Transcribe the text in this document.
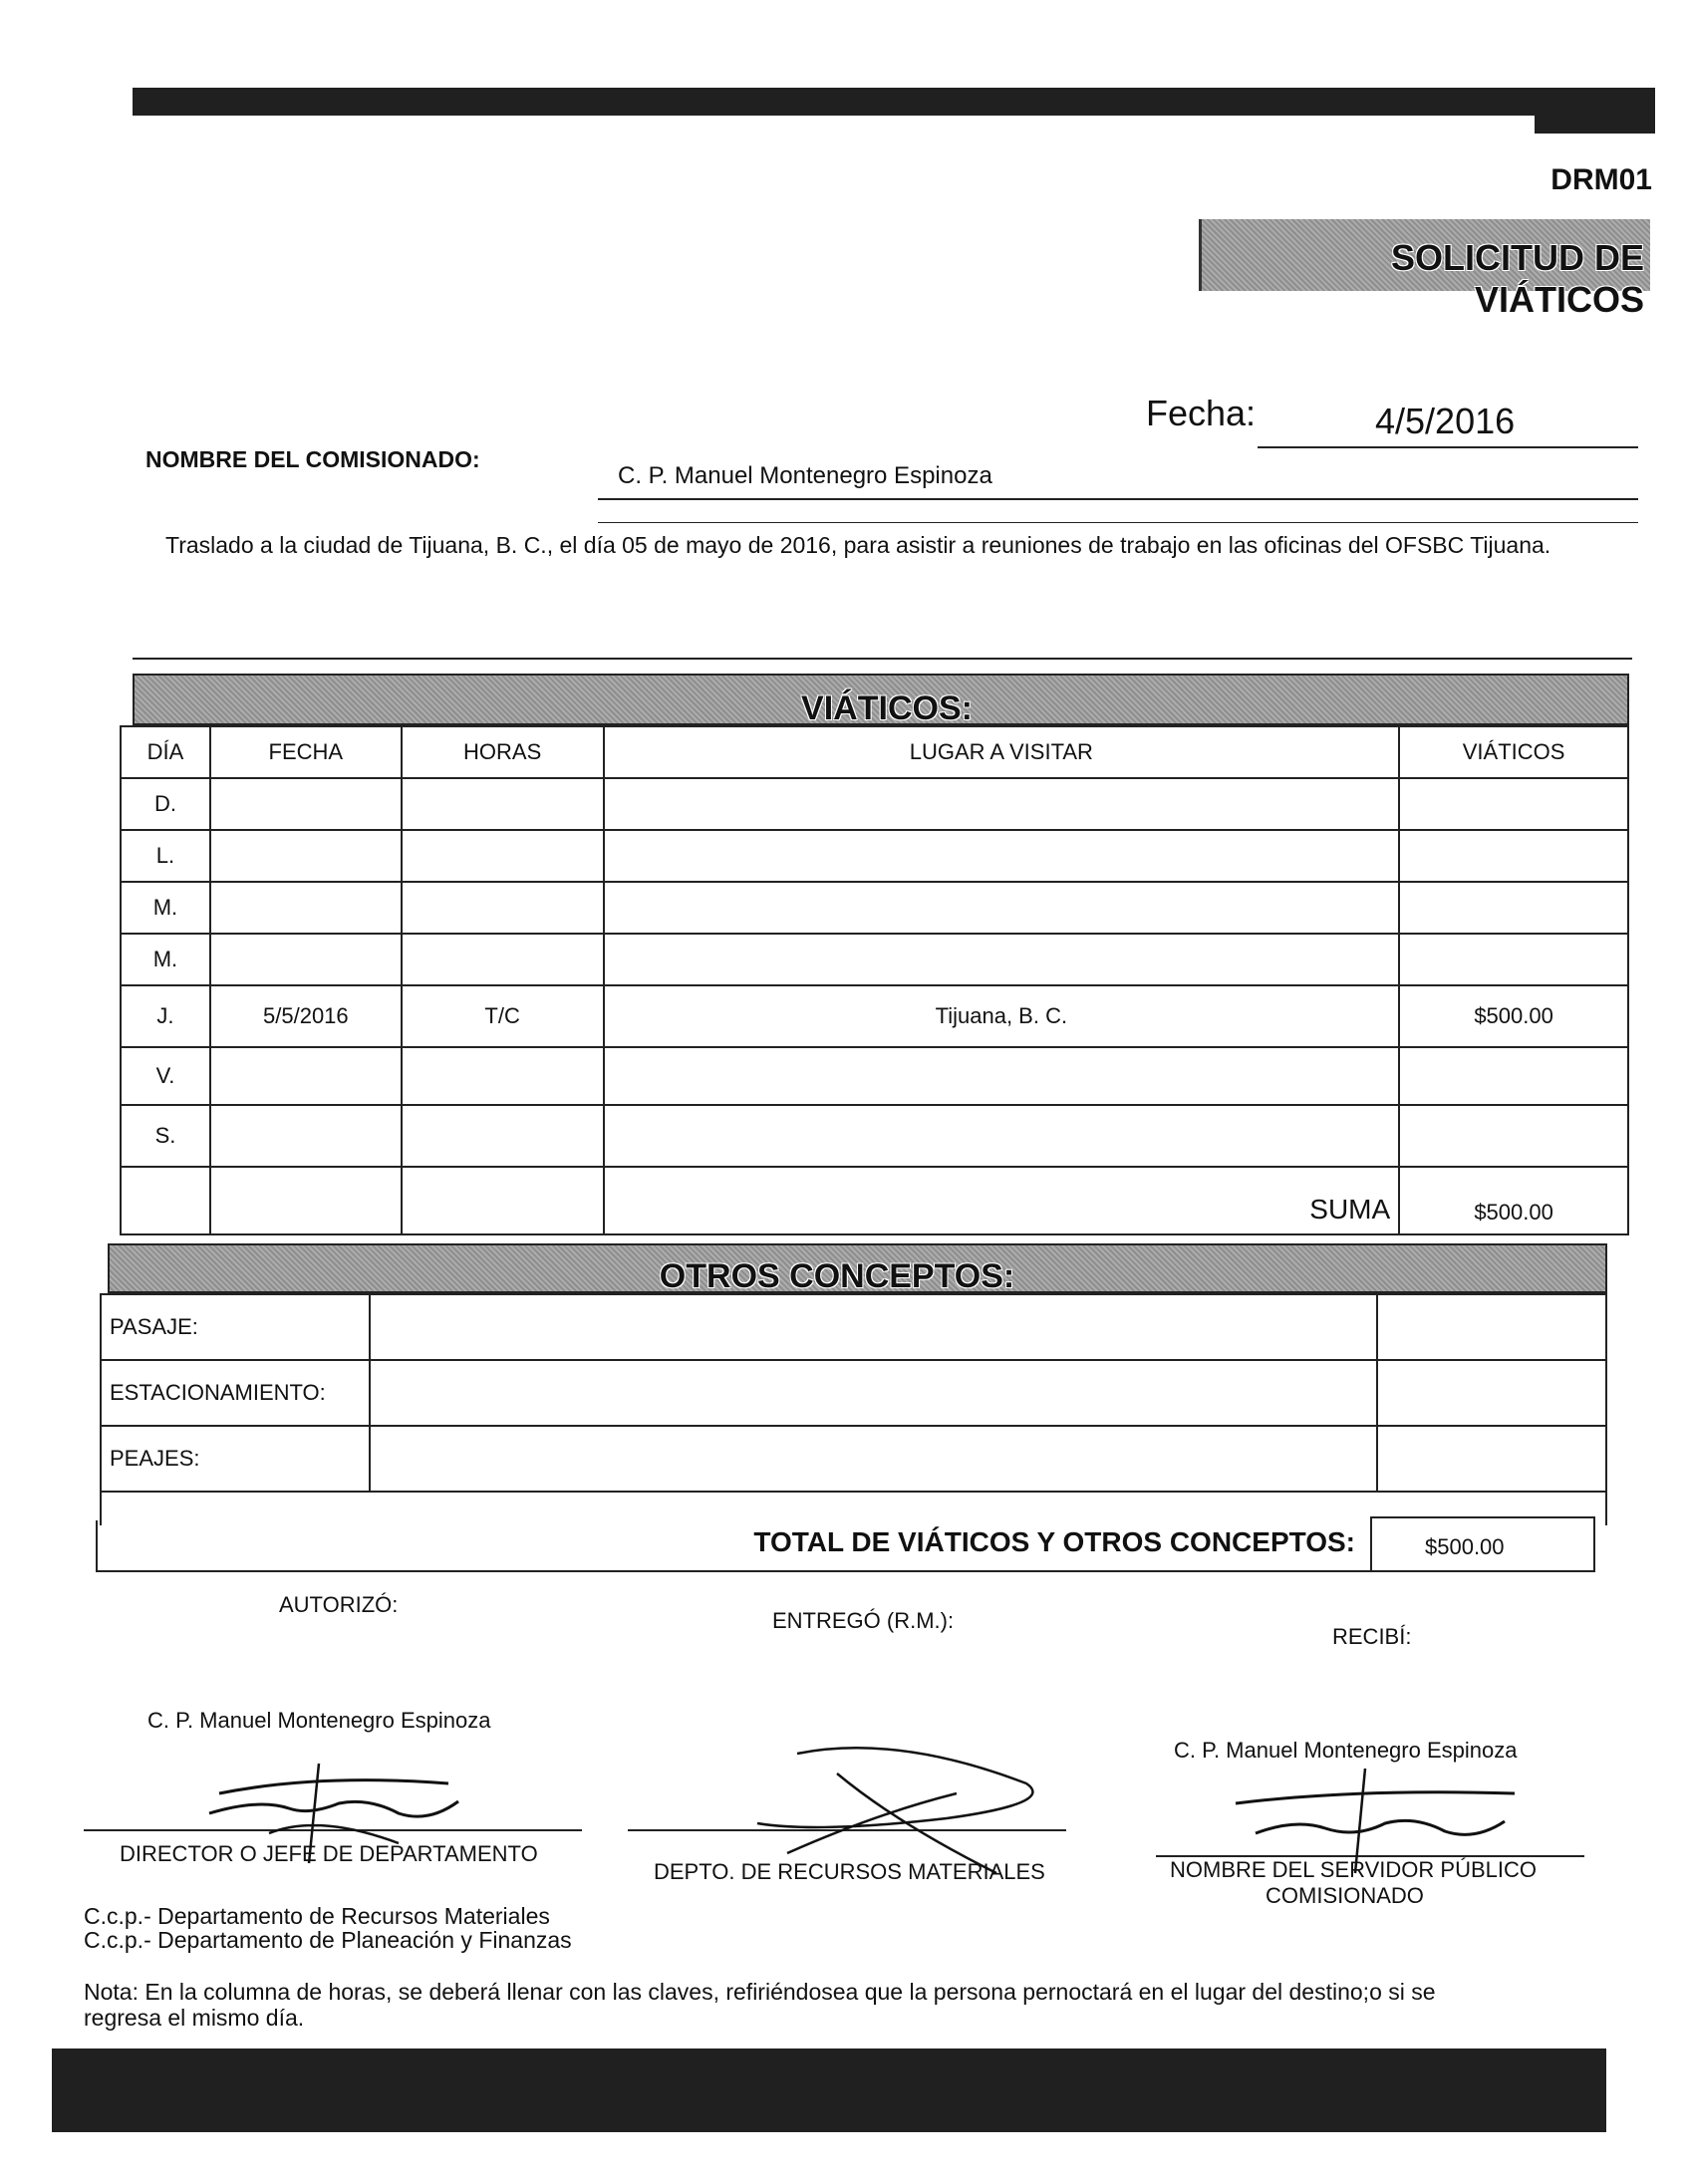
DRM01
SOLICITUD DE VIÁTICOS
Fecha:	4/5/2016
NOMBRE DEL COMISIONADO:
C. P. Manuel Montenegro Espinoza
Traslado a la ciudad de Tijuana, B. C., el día 05 de mayo de 2016, para asistir a reuniones de trabajo en las oficinas del OFSBC Tijuana.
VIÁTICOS:
DÍA	FECHA	HORAS	LUGAR A VISITAR	VIÁTICOS
D.				
L.				
M.				
M.				
J.	5/5/2016	T/C	Tijuana, B. C.	$500.00
V.				
S.				
			SUMA	$500.00
OTROS CONCEPTOS:
PASAJE:		
ESTACIONAMIENTO:		
PEAJES:		

TOTAL DE VIÁTICOS Y OTROS CONCEPTOS:	$500.00
AUTORIZÓ:
ENTREGÓ (R.M.):
RECIBÍ:
C. P. Manuel Montenegro Espinoza
C. P. Manuel Montenegro Espinoza
DIRECTOR O JEFE DE DEPARTAMENTO
DEPTO. DE RECURSOS MATERIALES	NOMBRE DEL SERVIDOR PÚBLICO
COMISIONADO
C.c.p.- Departamento de Recursos Materiales
C.c.p.- Departamento de Planeación y Finanzas
Nota: En la columna de horas, se deberá llenar con las claves, refiriéndosea que la persona pernoctará en el lugar del destino;o si se
regresa el mismo día.
